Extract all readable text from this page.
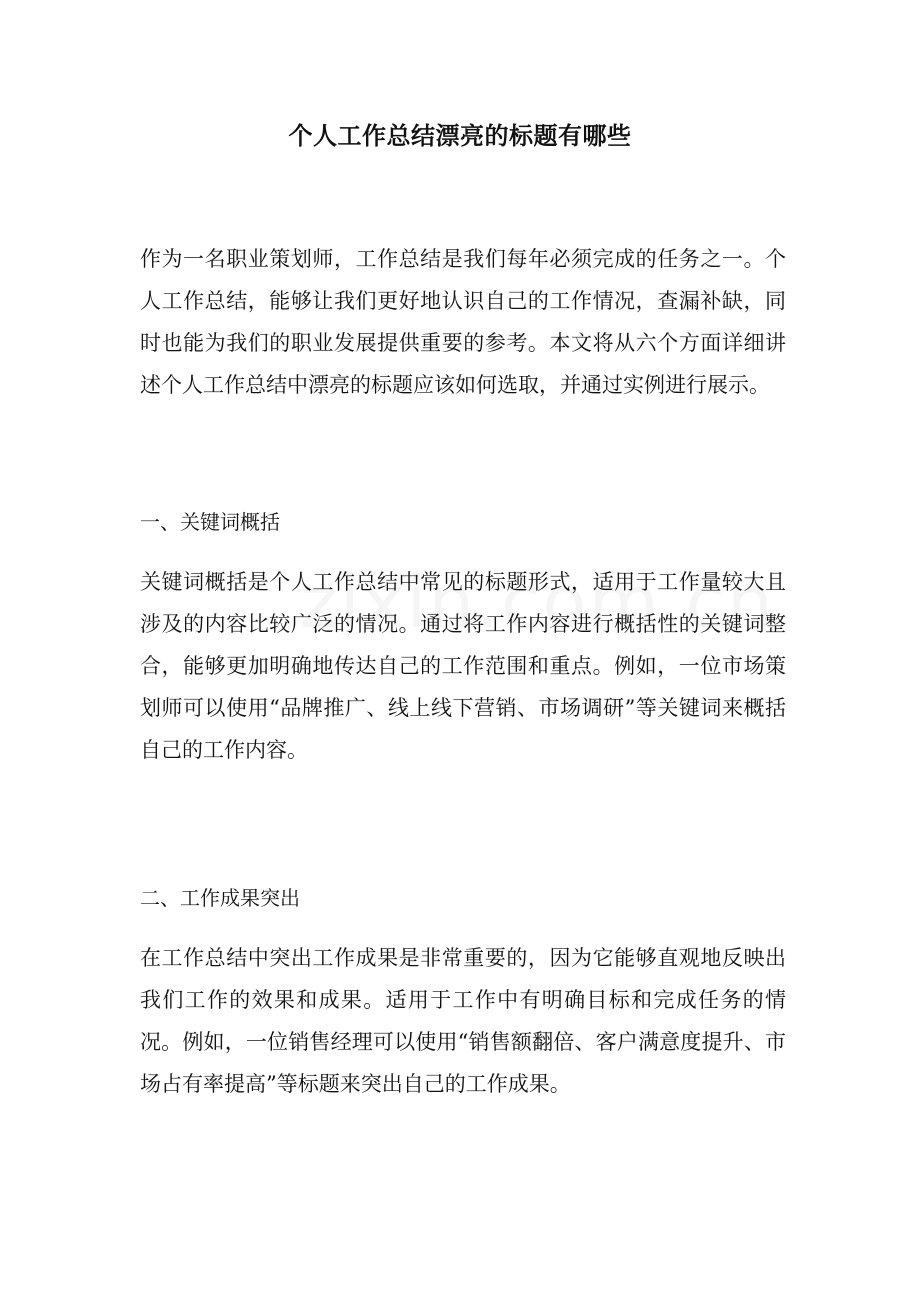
个人工作总结漂亮的标题有哪些

作为一名职业策划师，工作总结是我们每年必须完成的任务之一。个人工作总结，能够让我们更好地认识自己的工作情况，查漏补缺，同时也能为我们的职业发展提供重要的参考。本文将从六个方面详细讲述个人工作总结中漂亮的标题应该如何选取，并通过实例进行展示。

一、关键词概括

关键词概括是个人工作总结中常见的标题形式，适用于工作量较大且涉及的内容比较广泛的情况。通过将工作内容进行概括性的关键词整合，能够更加明确地传达自己的工作范围和重点。例如，一位市场策划师可以使用“品牌推广、线上线下营销、市场调研”等关键词来概括自己的工作内容。

二、工作成果突出

在工作总结中突出工作成果是非常重要的，因为它能够直观地反映出我们工作的效果和成果。适用于工作中有明确目标和完成任务的情况。例如，一位销售经理可以使用“销售额翻倍、客户满意度提升、市场占有率提高”等标题来突出自己的工作成果。
